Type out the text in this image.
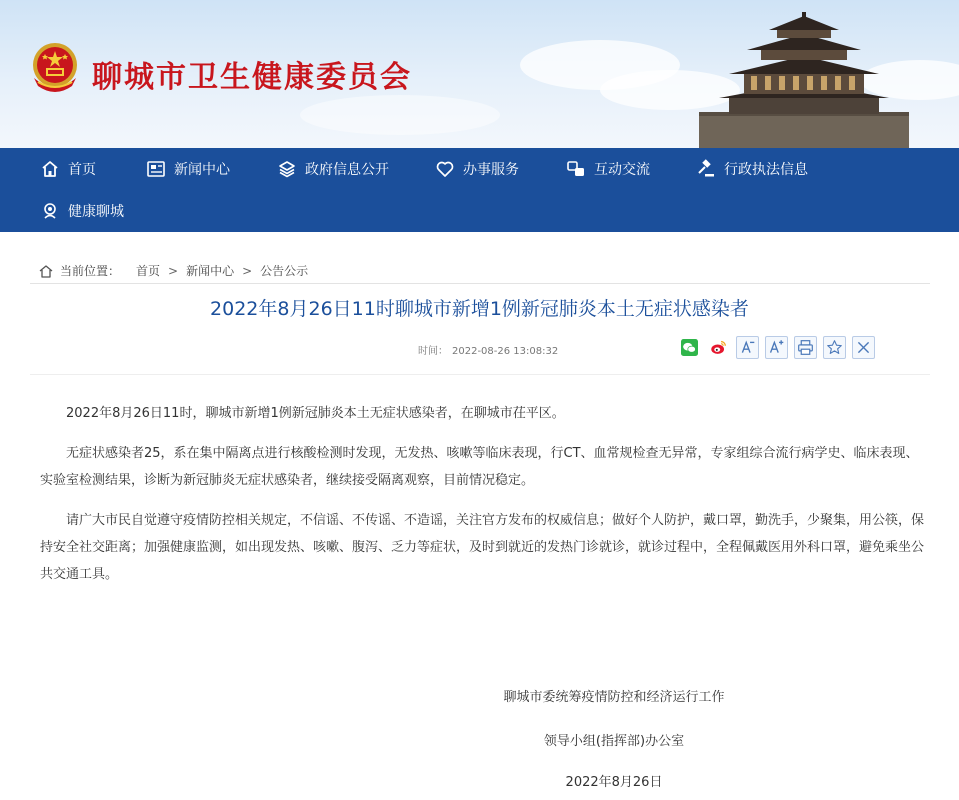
聊城市卫生健康委员会
首页	新闻中心	政府信息公开	办事服务	互动交流	行政执法信息
健康聊城
当前位置： 首页 > 新闻中心 > 公告公示
2022年8月26日11时聊城市新增1例新冠肺炎本土无症状感染者
时间： 2022-08-26 13:08:32

2022年8月26日11时，聊城市新增1例新冠肺炎本土无症状感染者，在聊城市茌平区。

无症状感染者25，系在集中隔离点进行核酸检测时发现，无发热、咳嗽等临床表现，行CT、血常规检查无异常，专家组综合流行病学史、临床表现、实验室检测结果，诊断为新冠肺炎无症状感染者，继续接受隔离观察，目前情况稳定。

请广大市民自觉遵守疫情防控相关规定，不信谣、不传谣、不造谣，关注官方发布的权威信息；做好个人防护，戴口罩，勤洗手，少聚集，用公筷，保持安全社交距离；加强健康监测，如出现发热、咳嗽、腹泻、乏力等症状，及时到就近的发热门诊就诊，就诊过程中，全程佩戴医用外科口罩，避免乘坐公共交通工具。

聊城市委统筹疫情防控和经济运行工作
领导小组(指挥部)办公室
2022年8月26日
